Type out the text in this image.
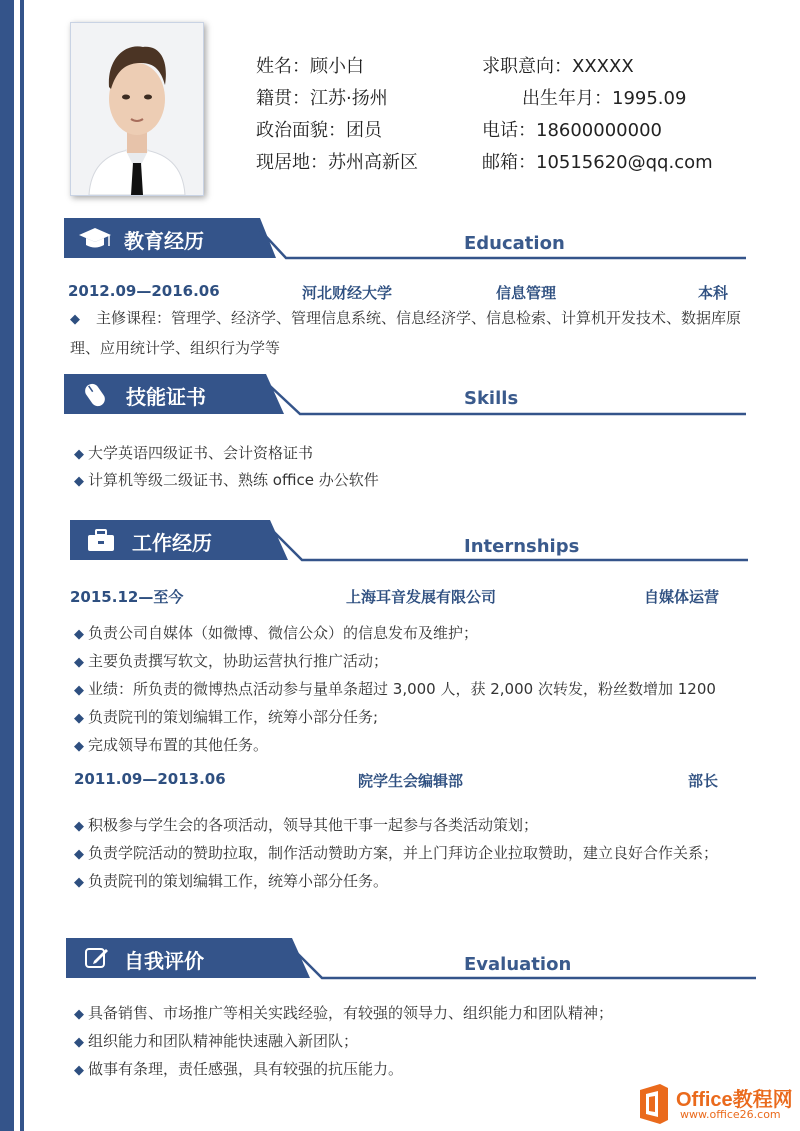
姓名：顾小白
籍贯：江苏·扬州
政治面貌：团员
现居地：苏州高新区
求职意向：XXXXX
出生年月：1995.09
电话：18600000000
邮箱：10515620@qq.com
教育经历	Education
2012.09—2016.06	河北财经大学	信息管理	本科
◆ 主修课程：管理学、经济学、管理信息系统、信息经济学、信息检索、计算机开发技术、数据库原理、应用统计学、组织行为学等
技能证书	Skills
◆ 大学英语四级证书、会计资格证书
◆ 计算机等级二级证书、熟练 office 办公软件
工作经历	Internships
2015.12—至今	上海耳音发展有限公司	自媒体运营
◆ 负责公司自媒体（如微博、微信公众）的信息发布及维护；
◆ 主要负责撰写软文，协助运营执行推广活动；
◆ 业绩：所负责的微博热点活动参与量单条超过 3,000 人，获 2,000 次转发，粉丝数增加 1200
◆ 负责院刊的策划编辑工作，统筹小部分任务;
◆ 完成领导布置的其他任务。
2011.09—2013.06	院学生会编辑部	部长
◆ 积极参与学生会的各项活动，领导其他干事一起参与各类活动策划；
◆ 负责学院活动的赞助拉取，制作活动赞助方案，并上门拜访企业拉取赞助，建立良好合作关系；
◆ 负责院刊的策划编辑工作，统筹小部分任务。
自我评价	Evaluation
◆ 具备销售、市场推广等相关实践经验，有较强的领导力、组织能力和团队精神；
◆ 组织能力和团队精神能快速融入新团队；
◆ 做事有条理，责任感强，具有较强的抗压能力。
Office教程网
www.office26.com
